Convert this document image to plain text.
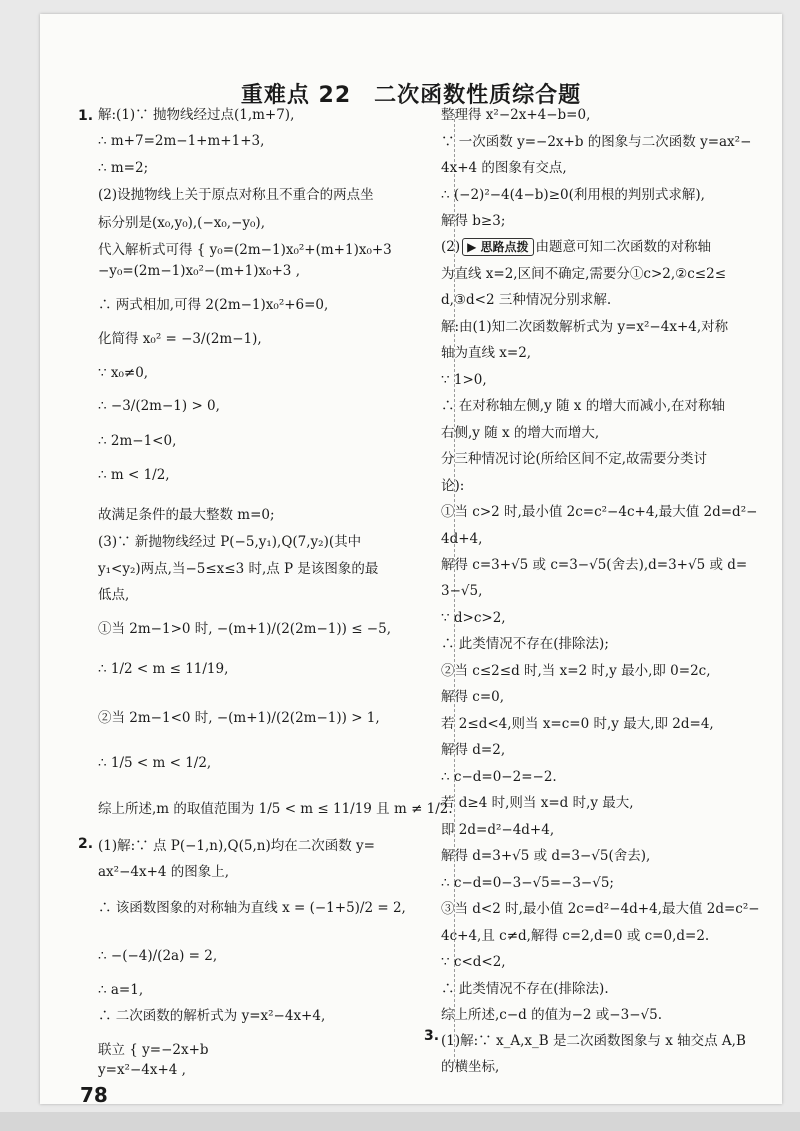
重难点 22　二次函数性质综合题
1.
2.
3.
解:(1)∵ 抛物线经过点(1,m+7),
∴ m+7=2m−1+m+1+3,
∴ m=2;
(2)设抛物线上关于原点对称且不重合的两点坐
标分别是(x₀,y₀),(−x₀,−y₀),
代入解析式可得 { y₀=(2m−1)x₀²+(m+1)x₀+3
−y₀=(2m−1)x₀²−(m+1)x₀+3 ,
∴ 两式相加,可得 2(2m−1)x₀²+6=0,
化简得 x₀² = −3/(2m−1),
∵ x₀≠0,
∴ −3/(2m−1) > 0,
∴ 2m−1<0,
∴ m < 1/2,
故满足条件的最大整数 m=0;
(3)∵ 新抛物线经过 P(−5,y₁),Q(7,y₂)(其中
y₁<y₂)两点,当−5≤x≤3 时,点 P 是该图象的最
低点,
①当 2m−1>0 时, −(m+1)/(2(2m−1)) ≤ −5,
∴ 1/2 < m ≤ 11/19,
②当 2m−1<0 时, −(m+1)/(2(2m−1)) > 1,
∴ 1/5 < m < 1/2,
综上所述,m 的取值范围为 1/5 < m ≤ 11/19 且 m ≠ 1/2.
(1)解:∵ 点 P(−1,n),Q(5,n)均在二次函数 y=
ax²−4x+4 的图象上,
∴ 该函数图象的对称轴为直线 x = (−1+5)/2 = 2,
∴ −(−4)/(2a) = 2,
∴ a=1,
∴ 二次函数的解析式为 y=x²−4x+4,
联立 { y=−2x+b
y=x²−4x+4 ,
整理得 x²−2x+4−b=0,
∵ 一次函数 y=−2x+b 的图象与二次函数 y=ax²−
4x+4 的图象有交点,
∴ (−2)²−4(4−b)≥0(利用根的判别式求解),
解得 b≥3;
(2) ▶ 思路点拨 由题意可知二次函数的对称轴
为直线 x=2,区间不确定,需要分①c>2,②c≤2≤
d,③d<2 三种情况分别求解.
解:由(1)知二次函数解析式为 y=x²−4x+4,对称
轴为直线 x=2,
∵ 1>0,
∴ 在对称轴左侧,y 随 x 的增大而减小,在对称轴
右侧,y 随 x 的增大而增大,
分三种情况讨论(所给区间不定,故需要分类讨
论):
①当 c>2 时,最小值 2c=c²−4c+4,最大值 2d=d²−
4d+4,
解得 c=3+√5 或 c=3−√5(舍去),d=3+√5 或 d=
3−√5,
∵ d>c>2,
∴ 此类情况不存在(排除法);
②当 c≤2≤d 时,当 x=2 时,y 最小,即 0=2c,
解得 c=0,
若 2≤d<4,则当 x=c=0 时,y 最大,即 2d=4,
解得 d=2,
∴ c−d=0−2=−2.
若 d≥4 时,则当 x=d 时,y 最大,
即 2d=d²−4d+4,
解得 d=3+√5 或 d=3−√5(舍去),
∴ c−d=0−3−√5=−3−√5;
③当 d<2 时,最小值 2c=d²−4d+4,最大值 2d=c²−
4c+4,且 c≠d,解得 c=2,d=0 或 c=0,d=2.
∵ c<d<2,
∴ 此类情况不存在(排除法).
综上所述,c−d 的值为−2 或−3−√5.
(1)解:∵ x_A,x_B 是二次函数图象与 x 轴交点 A,B
的横坐标,
78
